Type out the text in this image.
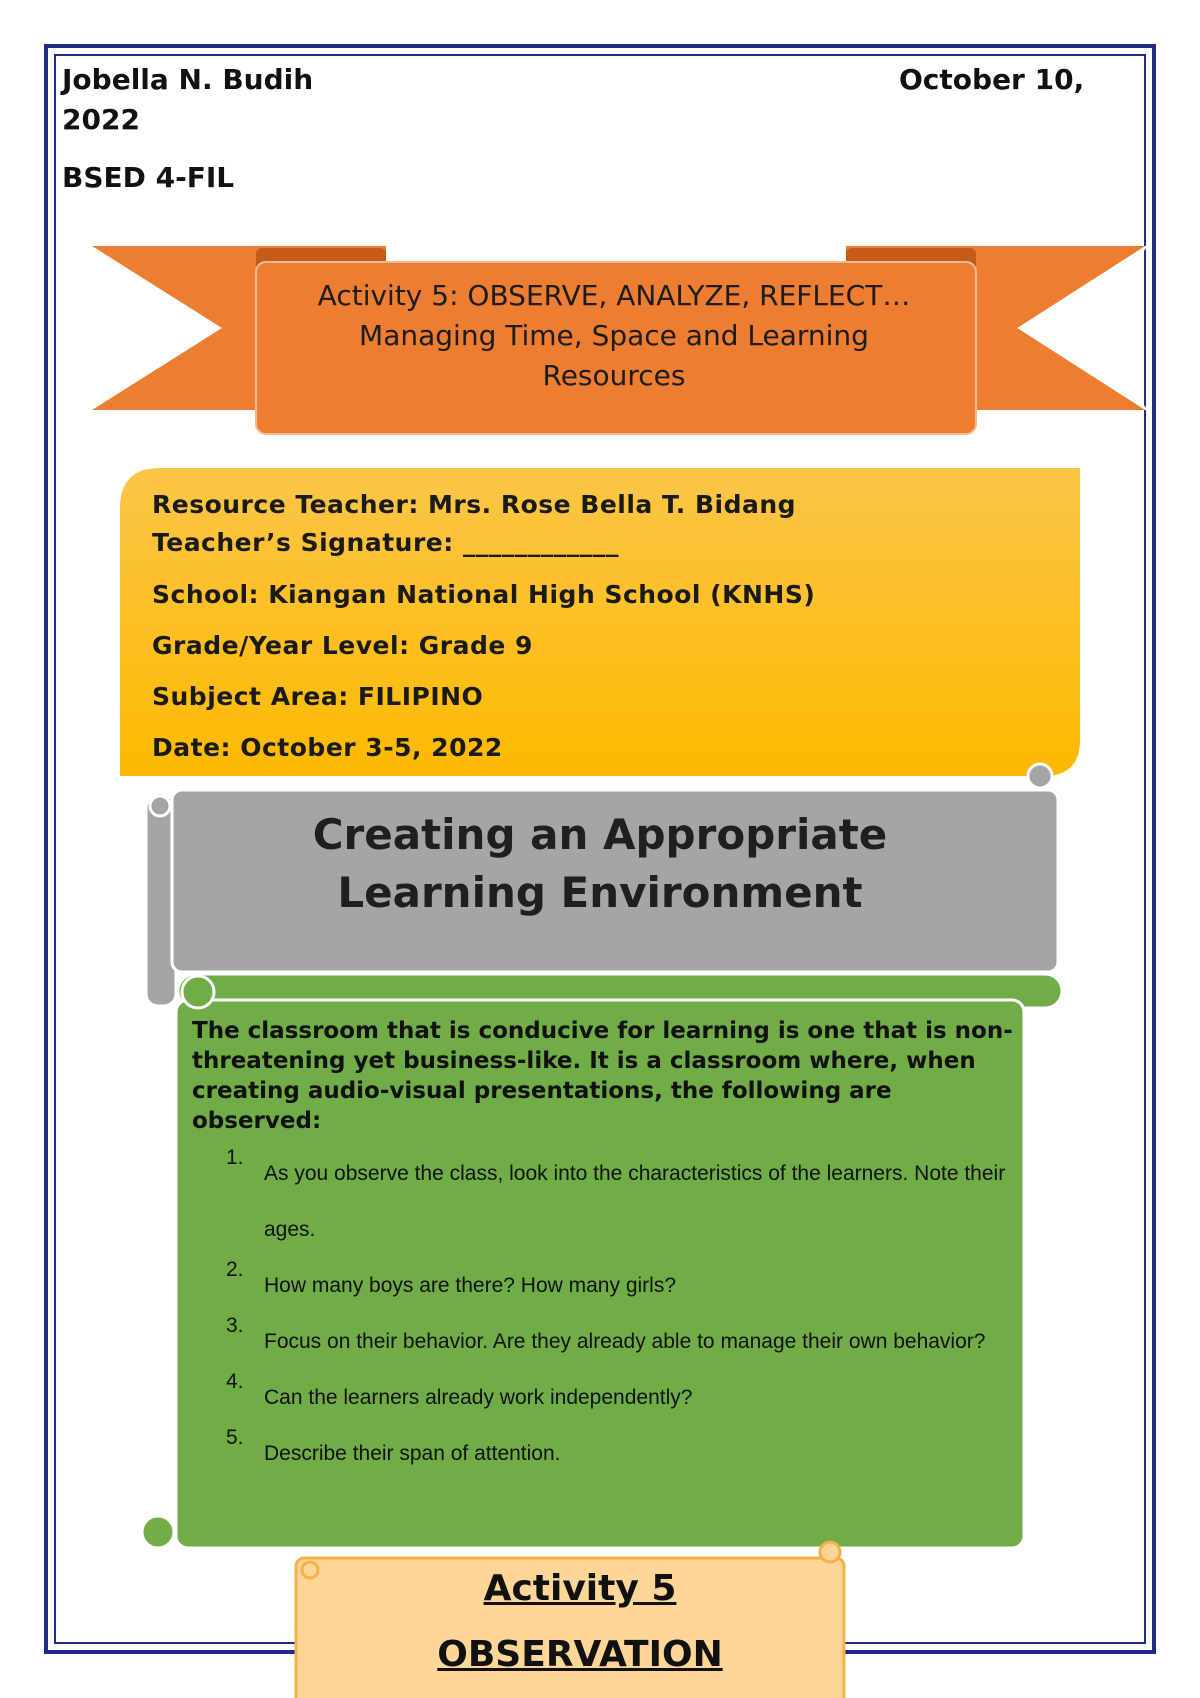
Jobella N. Budih	October 10,
2022
BSED 4-FIL
Activity 5: OBSERVE, ANALYZE, REFLECT…
Managing Time, Space and Learning
Resources
Resource Teacher: Mrs. Rose Bella T. Bidang
Teacher’s Signature: ____________
School: Kiangan National High School (KNHS)
Grade/Year Level: Grade 9
Subject Area: FILIPINO
Date: October 3-5, 2022
Creating an Appropriate
Learning Environment
The classroom that is conducive for learning is one that is non-threatening yet business-like. It is a classroom where, when creating audio-visual presentations, the following are observed:
1.
As you observe the class, look into the characteristics of the learners. Note their ages.
2.
How many boys are there? How many girls?
3.
Focus on their behavior. Are they already able to manage their own behavior?
4.
Can the learners already work independently?
5.
Describe their span of attention.
Activity 5
OBSERVATION
